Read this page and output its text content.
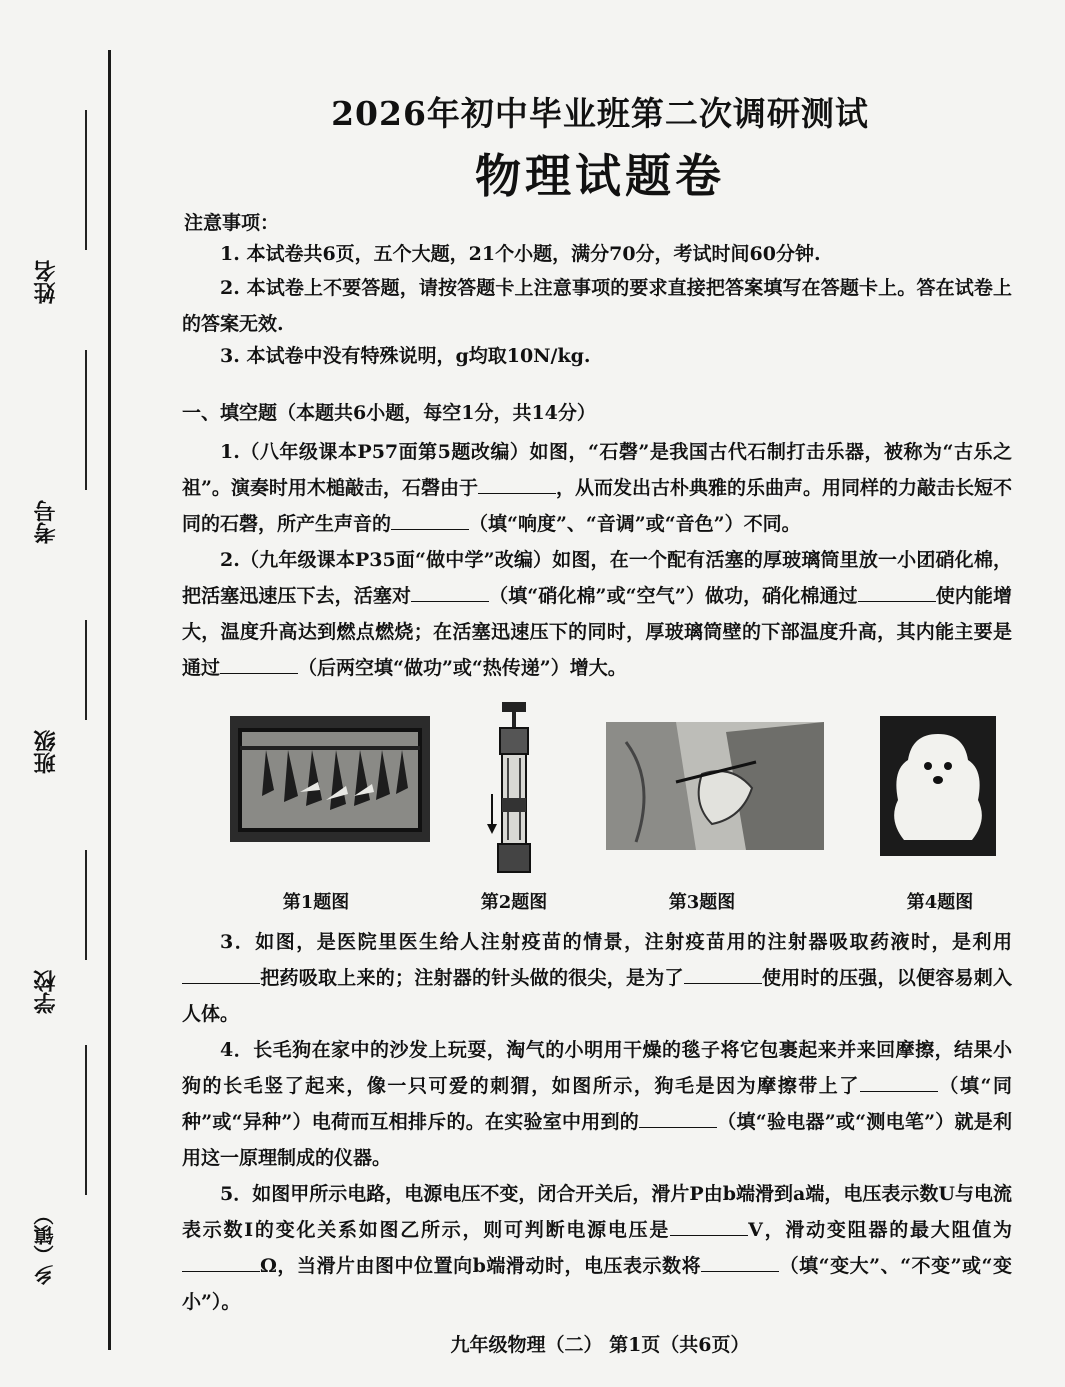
姓名
考号
班级
学校
乡（镇）
2026年初中毕业班第二次调研测试
物理试题卷
注意事项：
1. 本试卷共6页，五个大题，21个小题，满分70分，考试时间60分钟.
2. 本试卷上不要答题，请按答题卡上注意事项的要求直接把答案填写在答题卡上。答在试卷上的答案无效.
3. 本试卷中没有特殊说明，g均取10N/kg.
一、填空题（本题共6小题，每空1分，共14分）
1.（八年级课本P57面第5题改编）如图，“石磬”是我国古代石制打击乐器，被称为“古乐之祖”。演奏时用木槌敲击，石磬由于	，从而发出古朴典雅的乐曲声。用同样的力敲击长短不同的石磬，所产生声音的	（填“响度”、“音调”或“音色”）不同。
2.（九年级课本P35面“做中学”改编）如图，在一个配有活塞的厚玻璃筒里放一小团硝化棉，把活塞迅速压下去，活塞对	（填“硝化棉”或“空气”）做功，硝化棉通过	使内能增大，温度升高达到燃点燃烧；在活塞迅速压下的同时，厚玻璃筒壁的下部温度升高，其内能主要是通过	（后两空填“做功”或“热传递”）增大。
第1题图	第2题图	第3题图	第4题图
3．如图，是医院里医生给人注射疫苗的情景，注射疫苗用的注射器吸取药液时，是利用把药吸取上来的；注射器的针头做的很尖，是为了	使用时的压强，以便容易刺入人体。
4．长毛狗在家中的沙发上玩耍，淘气的小明用干燥的毯子将它包裹起来并来回摩擦，结果小狗的长毛竖了起来，像一只可爱的刺猬，如图所示，狗毛是因为摩擦带上了	（填“同种”或“异种”）电荷而互相排斥的。在实验室中用到的	（填“验电器”或“测电笔”）就是利用这一原理制成的仪器。
5．如图甲所示电路，电源电压不变，闭合开关后，滑片P由b端滑到a端，电压表示数U与电流表示数I的变化关系如图乙所示，则可判断电源电压是	V，滑动变阻器的最大阻值为Ω，当滑片由图中位置向b端滑动时，电压表示数将	（填“变大”、“不变”或“变小”）。
九年级物理（二） 第1页（共6页）
